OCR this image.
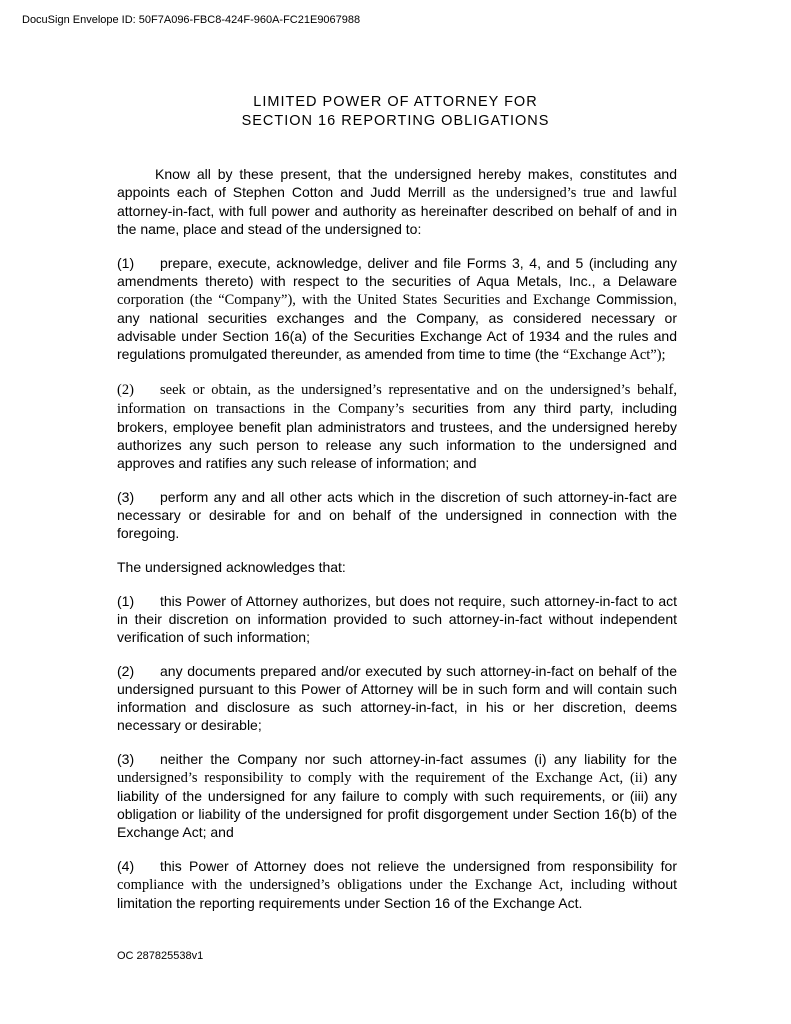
DocuSign Envelope ID: 50F7A096-FBC8-424F-960A-FC21E9067988
LIMITED POWER OF ATTORNEY FOR
SECTION 16 REPORTING OBLIGATIONS

Know all by these present, that the undersigned hereby makes, constitutes and appoints each of Stephen Cotton and Judd Merrill as the undersigned’s true and lawful attorney-in-fact, with full power and authority as hereinafter described on behalf of and in the name, place and stead of the undersigned to:

(1) prepare, execute, acknowledge, deliver and file Forms 3, 4, and 5 (including any amendments thereto) with respect to the securities of Aqua Metals, Inc., a Delaware corporation (the “Company”), with the United States Securities and Exchange Commission, any national securities exchanges and the Company, as considered necessary or advisable under Section 16(a) of the Securities Exchange Act of 1934 and the rules and regulations promulgated thereunder, as amended from time to time (the “Exchange Act”);

(2) seek or obtain, as the undersigned’s representative and on the undersigned’s behalf, information on transactions in the Company’s securities from any third party, including brokers, employee benefit plan administrators and trustees, and the undersigned hereby authorizes any such person to release any such information to the undersigned and approves and ratifies any such release of information; and

(3) perform any and all other acts which in the discretion of such attorney-in-fact are necessary or desirable for and on behalf of the undersigned in connection with the foregoing.

The undersigned acknowledges that:

(1) this Power of Attorney authorizes, but does not require, such attorney-in-fact to act in their discretion on information provided to such attorney-in-fact without independent verification of such information;

(2) any documents prepared and/or executed by such attorney-in-fact on behalf of the undersigned pursuant to this Power of Attorney will be in such form and will contain such information and disclosure as such attorney-in-fact, in his or her discretion, deems necessary or desirable;

(3) neither the Company nor such attorney-in-fact assumes (i) any liability for the undersigned’s responsibility to comply with the requirement of the Exchange Act, (ii) any liability of the undersigned for any failure to comply with such requirements, or (iii) any obligation or liability of the undersigned for profit disgorgement under Section 16(b) of the Exchange Act; and

(4) this Power of Attorney does not relieve the undersigned from responsibility for compliance with the undersigned’s obligations under the Exchange Act, including without limitation the reporting requirements under Section 16 of the Exchange Act.

OC 287825538v1
